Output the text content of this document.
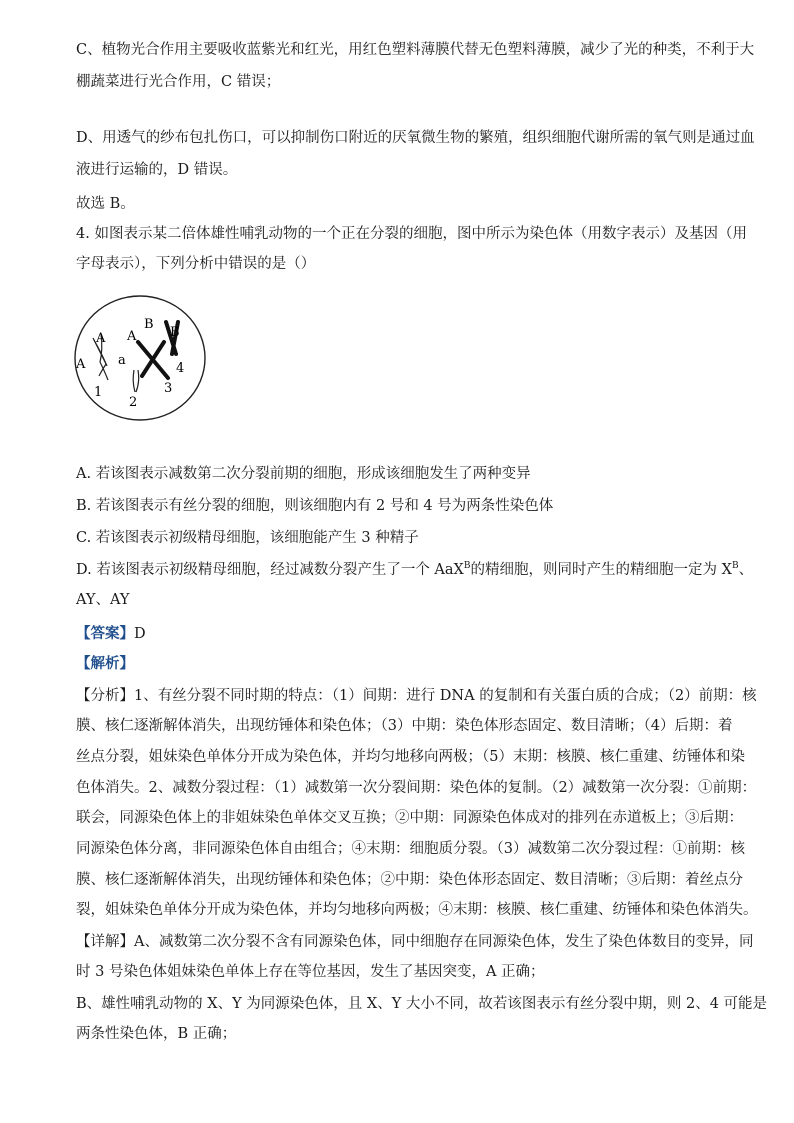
C、植物光合作用主要吸收蓝紫光和红光，用红色塑料薄膜代替无色塑料薄膜，减少了光的种类，不利于大
棚蔬菜进行光合作用，C 错误；
D、用透气的纱布包扎伤口，可以抑制伤口附近的厌氧微生物的繁殖，组织细胞代谢所需的氧气则是通过血
液进行运输的，D 错误。
故选 B。
4. 如图表示某二倍体雄性哺乳动物的一个正在分裂的细胞，图中所示为染色体（用数字表示）及基因（用
字母表示），下列分析中错误的是（）
A
A	a
A
B
B
4
1	3
2
A. 若该图表示减数第二次分裂前期的细胞，形成该细胞发生了两种变异
B. 若该图表示有丝分裂的细胞，则该细胞内有 2 号和 4 号为两条性染色体
C. 若该图表示初级精母细胞，该细胞能产生 3 种精子
D. 若该图表示初级精母细胞，经过减数分裂产生了一个 AaX$^B$的精细胞，则同时产生的精细胞一定为 $X^B$、
AY、AY
【答案】D
【解析】
【分析】1、有丝分裂不同时期的特点：（1）间期：进行 DNA 的复制和有关蛋白质的合成；（2）前期：核
膜、核仁逐渐解体消失，出现纺锤体和染色体；（3）中期：染色体形态固定、数目清晰；（4）后期：着
丝点分裂，姐妹染色单体分开成为染色体，并均匀地移向两极；（5）末期：核膜、核仁重建、纺锤体和染
色体消失。2、减数分裂过程：（1）减数第一次分裂间期：染色体的复制。（2）减数第一次分裂：①前期：
联会，同源染色体上的非姐妹染色单体交叉互换；②中期：同源染色体成对的排列在赤道板上；③后期：
同源染色体分离，非同源染色体自由组合；④末期：细胞质分裂。（3）减数第二次分裂过程：①前期：核
膜、核仁逐渐解体消失，出现纺锤体和染色体；②中期：染色体形态固定、数目清晰；③后期：着丝点分
裂，姐妹染色单体分开成为染色体，并均匀地移向两极；④末期：核膜、核仁重建、纺锤体和染色体消失。
【详解】A、减数第二次分裂不含有同源染色体，同中细胞存在同源染色体，发生了染色体数目的变异，同
时 3 号染色体姐妹染色单体上存在等位基因，发生了基因突变，A 正确；
B、雄性哺乳动物的 X、Y 为同源染色体，且 X、Y 大小不同，故若该图表示有丝分裂中期，则 2、4 可能是
两条性染色体，B 正确；
